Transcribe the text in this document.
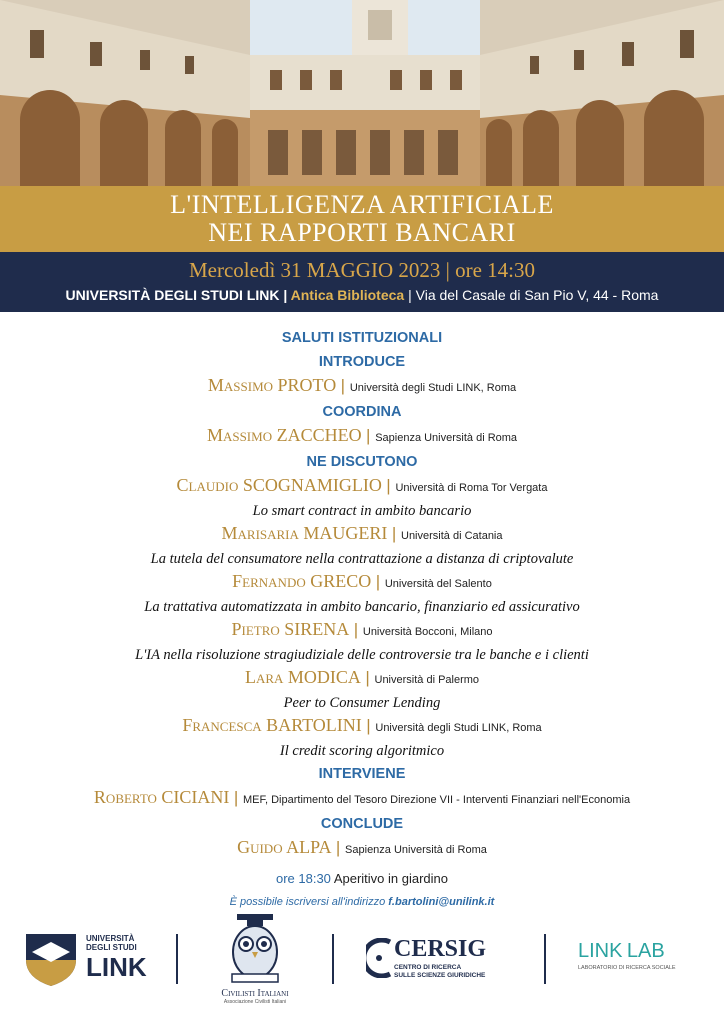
L'INTELLIGENZA ARTIFICIALE
NEI RAPPORTI BANCARI
Mercoledì 31 MAGGIO 2023 | ore 14:30
UNIVERSITÀ DEGLI STUDI LINK | Antica Biblioteca | Via del Casale di San Pio V, 44 - Roma
SALUTI ISTITUZIONALI
INTRODUCE
Massimo PROTO | Università degli Studi LINK, Roma
COORDINA
Massimo ZACCHEO | Sapienza Università di Roma
NE DISCUTONO
Claudio SCOGNAMIGLIO | Università di Roma Tor Vergata
Lo smart contract in ambito bancario
Marisaria MAUGERI | Università di Catania
La tutela del consumatore nella contrattazione a distanza di criptovalute
Fernando GRECO | Università del Salento
La trattativa automatizzata in ambito bancario, finanziario ed assicurativo
Pietro SIRENA | Università Bocconi, Milano
L'IA nella risoluzione stragiudiziale delle controversie tra le banche e i clienti
Lara MODICA | Università di Palermo
Peer to Consumer Lending
Francesca BARTOLINI | Università degli Studi LINK, Roma
Il credit scoring algoritmico
INTERVIENE
Roberto CICIANI | MEF, Dipartimento del Tesoro Direzione VII - Interventi Finanziari nell'Economia
CONCLUDE
Guido ALPA | Sapienza Università di Roma
ore 18:30 Aperitivo in giardino
È possibile iscriversi all'indirizzo f.bartolini@unilink.it
UNIVERSITÀ
DEGLI STUDI
LINK
Civilisti Italiani
Associazione Civilisti Italiani
CERSIG
CENTRO DI RICERCA
SULLE SCIENZE GIURIDICHE
LINK LAB
LABORATORIO DI RICERCA SOCIALE
